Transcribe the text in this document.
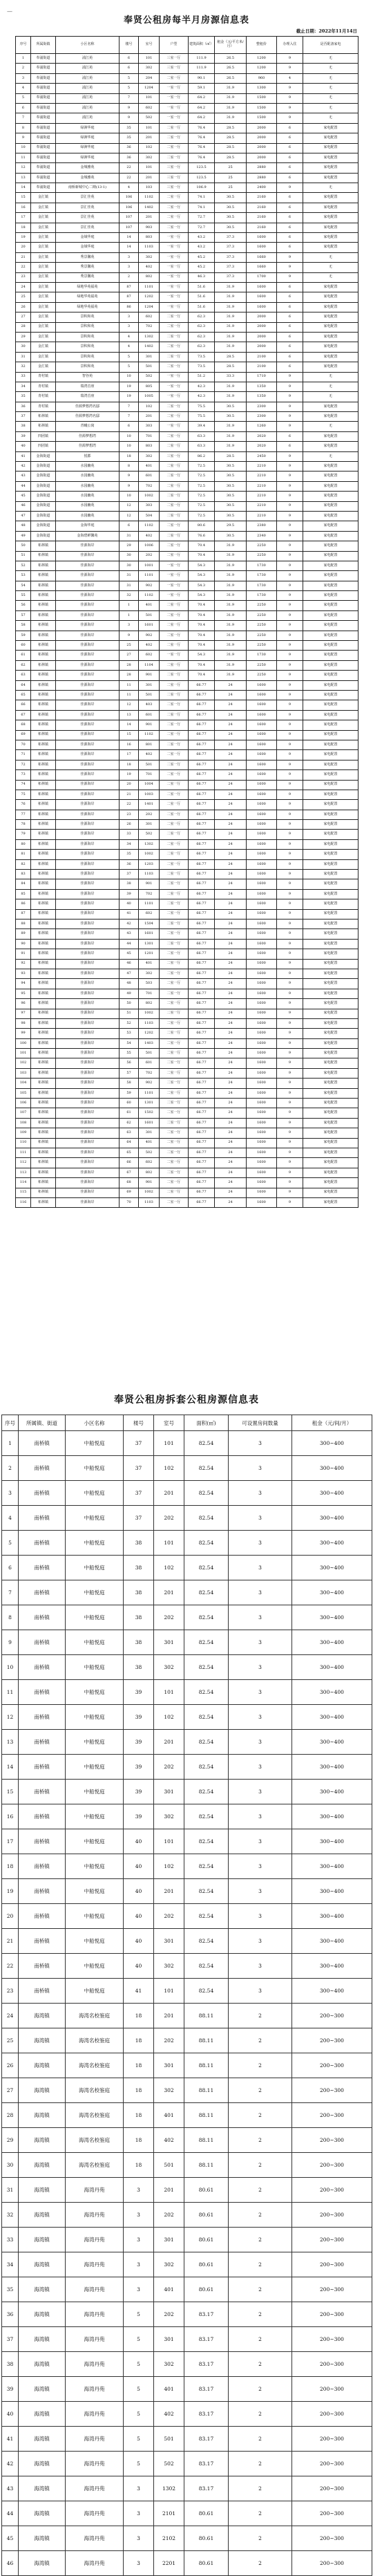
—
奉贤公租房每半月房源信息表
截止日期：2022年11月14日
序号	所属街镇	小区名称	楼号	室号	户型	建筑面积（㎡）	租金（元/平方米/月）	整租价	办理入住	是否配备家电
1	奉浦街道	浦江苑	6	101	三室一厅	111.9	26.5	1200	9	无
2	奉浦街道	浦江苑	6	302	三室一厅	111.9	26.5	1200	9	无
3	奉浦街道	浦江苑	5	204	二室一厅	90.1	26.5	960	4	无
4	奉浦街道	浦江苑	5	1204	一室一厅	59.1	31.9	1300	9	无
5	奉浦街道	浦江苑	7	101	一室一厅	64.2	31.9	1500	9	无
6	奉浦街道	浦江苑	9	602	一室一厅	64.2	31.9	1500	9	无
7	奉浦街道	浦江苑	9	502	一室一厅	64.2	31.9	1500	9	无
8	奉浦街道	绿洲华庭	35	101	二室一厅	76.4	28.5	2000	6	家电配置
9	奉浦街道	绿洲华庭	35	201	二室一厅	76.4	28.5	2000	6	家电配置
10	奉浦街道	绿洲华庭	36	102	二室一厅	76.4	28.5	2000	6	家电配置
11	奉浦街道	绿洲华庭	36	302	二室一厅	76.4	28.5	2000	6	家电配置
12	奉浦街道	金城雅苑	22	101	三室一厅	123.5	25	2880	6	家电配置
13	奉浦街道	金城雅苑	22	201	三室一厅	123.5	25	2880	6	家电配置
14	奉浦街道	南桥新城中心二期(13-1)	4	103	三室一厅	106.9	25	2400	9	无
15	金汇镇	景汇佳苑	106	1102	二室一厅	74.1	30.5	2160	6	家电配置
16	金汇镇	景汇佳苑	106	1402	二室一厅	74.1	30.5	2160	6	家电配置
17	金汇镇	景汇佳苑	107	201	二室一厅	72.7	30.5	2160	6	家电配置
18	金汇镇	景汇佳苑	107	903	二室一厅	72.7	30.5	2160	6	家电配置
19	金汇镇	金域华庭	14	803	一室一厅	43.2	37.3	1600	6	家电配置
20	金汇镇	金域华庭	14	1103	一室一厅	43.2	37.3	1600	6	家电配置
21	金汇镇	秀景馨苑	3	302	一室一厅	45.2	37.3	1660	9	无
22	金汇镇	秀景馨苑	3	402	一室一厅	45.2	37.3	1660	9	无
23	金汇镇	秀景馨苑	2	802	一室一厅	46.3	37.3	1700	9	无
24	金汇镇	绿地华苑福苑	87	1101	一室一厅	51.6	31.9	1600	6	家电配置
25	金汇镇	绿地华苑福苑	87	1202	一室一厅	51.6	31.9	1600	6	家电配置
26	金汇镇	绿地华苑福苑	86	1204	一室一厅	51.6	31.9	1600	6	家电配置
27	金汇镇	景积和苑	3	602	二室一厅	62.3	31.9	2000	6	家电配置
28	金汇镇	景积和苑	3	702	二室一厅	62.3	31.9	2000	6	家电配置
29	金汇镇	景积和苑	4	1302	二室一厅	62.3	31.9	2000	6	家电配置
30	金汇镇	景积和苑	4	1402	二室一厅	62.3	31.9	2000	6	家电配置
31	金汇镇	景积和苑	5	301	二室一厅	73.5	28.5	2100	6	家电配置
32	金汇镇	景积和苑	5	501	二室一厅	73.5	28.5	2100	6	家电配置
33	青村镇	智谷苑	10	502	一室一厅	51.2	33.3	1710	9	无
34	青村镇	瑞湾首座	19	805	一室一厅	42.3	31.9	1350	9	无
35	青村镇	瑞湾首座	19	1005	一室一厅	42.3	31.9	1350	9	无
36	青村镇	佳源梦想湾名邸	7	102	二室一厅	75.5	30.5	2300	9	家电配置
37	柘林镇	佳源梦想湾名邸	7	201	二室一厅	75.5	30.5	2300	9	家电配置
38	柘林镇	青曦公寓	6	303	一室一厅	39.4	31.9	1260	9	无
39	四团镇	佳源梦想湾	10	701	二室一厅	63.3	31.9	2020	6	家电配置
40	四团镇	佳源梦想湾	10	803	二室一厅	63.3	31.9	2020	6	家电配置
41	金海街道	悦郡	18	302	三室一厅	86.2	28.5	2450	9	无
42	金海街道	水园幽苑	8	401	二室一厅	72.5	30.5	2210	9	家电配置
43	金海街道	水园幽苑	9	601	二室一厅	72.5	30.5	2210	9	家电配置
44	金海街道	水园幽苑	9	702	二室一厅	72.5	30.5	2210	9	家电配置
45	金海街道	水园幽苑	10	1002	二室一厅	72.5	30.5	2210	9	家电配置
46	金海街道	水园幽苑	12	303	二室一厅	72.5	30.5	2210	9	家电配置
47	金海街道	水园幽苑	12	504	二室一厅	72.5	30.5	2210	9	家电配置
48	金海街道	金海华庭	6	1102	二室一厅	80.6	29.5	2380	9	家电配置
49	金海街道	金海碧鲜馨苑	31	402	二室一厅	76.6	30.5	2340	9	家电配置
50	柘林镇	佳源海岸	29	1006	二室一厅	70.4	31.9	2250	9	家电配置
51	柘林镇	佳源海岸	30	202	二室一厅	70.4	31.9	2250	9	家电配置
52	柘林镇	佳源海岸	30	1001	一室一厅	54.3	31.9	1730	9	家电配置
53	柘林镇	佳源海岸	31	1101	一室一厅	54.3	31.9	1730	9	家电配置
54	柘林镇	佳源海岸	31	902	一室一厅	54.3	31.9	1730	9	家电配置
55	柘林镇	佳源海岸	32	1102	一室一厅	54.3	31.9	1730	9	家电配置
56	柘林镇	佳源海岸	1	401	二室一厅	70.4	31.9	2250	9	家电配置
57	柘林镇	佳源海岸	1	501	二室一厅	70.4	31.9	2250	9	家电配置
58	柘林镇	佳源海岸	3	1601	二室一厅	70.4	31.9	2250	9	家电配置
59	柘林镇	佳源海岸	9	902	二室一厅	70.4	31.9	2250	9	家电配置
60	柘林镇	佳源海岸	25	402	二室一厅	70.4	31.9	2250	9	家电配置
61	柘林镇	佳源海岸	27	602	一室一厅	54.3	31.9	1730	9	家电配置
62	柘林镇	佳源海岸	28	1104	二室一厅	70.4	31.9	2250	9	家电配置
63	柘林镇	佳源海岸	28	901	二室一厅	70.4	31.9	2250	9	家电配置
64	柘林镇	佳源海岸	11	301	二室一厅	66.77	24	1600	9	家电配置
65	柘林镇	佳源海岸	11	501	二室一厅	66.77	24	1600	9	家电配置
66	柘林镇	佳源海岸	12	403	二室一厅	66.77	24	1600	9	家电配置
67	柘林镇	佳源海岸	13	601	二室一厅	66.77	24	1600	9	家电配置
68	柘林镇	佳源海岸	14	901	二室一厅	66.77	24	1600	9	家电配置
69	柘林镇	佳源海岸	15	1102	二室一厅	66.77	24	1600	9	家电配置
70	柘林镇	佳源海岸	16	801	二室一厅	66.77	24	1600	9	家电配置
71	柘林镇	佳源海岸	17	402	二室一厅	66.77	24	1600	9	家电配置
72	柘林镇	佳源海岸	18	501	二室一厅	66.77	24	1600	9	家电配置
73	柘林镇	佳源海岸	19	701	二室一厅	66.77	24	1600	9	家电配置
74	柘林镇	佳源海岸	20	1004	二室一厅	66.77	24	1600	9	家电配置
75	柘林镇	佳源海岸	21	1003	二室一厅	66.77	24	1600	9	家电配置
76	柘林镇	佳源海岸	22	1401	二室一厅	66.77	24	1600	9	家电配置
77	柘林镇	佳源海岸	23	202	二室一厅	66.77	24	1600	9	家电配置
78	柘林镇	佳源海岸	26	301	二室一厅	66.77	24	1600	9	家电配置
79	柘林镇	佳源海岸	33	502	二室一厅	66.77	24	1600	9	家电配置
80	柘林镇	佳源海岸	34	1302	二室一厅	66.77	24	1600	9	家电配置
81	柘林镇	佳源海岸	35	1002	二室一厅	66.77	24	1600	9	家电配置
82	柘林镇	佳源海岸	36	1203	二室一厅	66.77	24	1600	9	家电配置
83	柘林镇	佳源海岸	37	1103	二室一厅	66.77	24	1600	9	家电配置
84	柘林镇	佳源海岸	38	901	二室一厅	66.77	24	1600	9	家电配置
85	柘林镇	佳源海岸	39	702	二室一厅	66.77	24	1600	9	家电配置
86	柘林镇	佳源海岸	40	1101	二室一厅	66.77	24	1600	9	家电配置
87	柘林镇	佳源海岸	41	602	二室一厅	66.77	24	1600	9	家电配置
88	柘林镇	佳源海岸	42	1504	二室一厅	66.77	24	1600	9	家电配置
89	柘林镇	佳源海岸	43	1601	二室一厅	66.77	24	1600	9	家电配置
90	柘林镇	佳源海岸	44	1301	二室一厅	66.77	24	1600	9	家电配置
91	柘林镇	佳源海岸	45	1201	二室一厅	66.77	24	1600	9	家电配置
92	柘林镇	佳源海岸	46	401	二室一厅	66.77	24	1600	9	家电配置
93	柘林镇	佳源海岸	47	302	二室一厅	66.77	24	1600	9	家电配置
94	柘林镇	佳源海岸	48	503	二室一厅	66.77	24	1600	9	家电配置
95	柘林镇	佳源海岸	49	701	二室一厅	66.77	24	1600	9	家电配置
96	柘林镇	佳源海岸	50	802	二室一厅	66.77	24	1600	9	家电配置
97	柘林镇	佳源海岸	51	1002	二室一厅	66.77	24	1600	9	家电配置
98	柘林镇	佳源海岸	52	1103	二室一厅	66.77	24	1600	9	家电配置
99	柘林镇	佳源海岸	53	1202	二室一厅	66.77	24	1600	9	家电配置
100	柘林镇	佳源海岸	54	1403	二室一厅	66.77	24	1600	9	家电配置
101	柘林镇	佳源海岸	55	501	二室一厅	66.77	24	1600	9	家电配置
102	柘林镇	佳源海岸	56	601	二室一厅	66.77	24	1600	9	家电配置
103	柘林镇	佳源海岸	57	702	二室一厅	66.77	24	1600	9	家电配置
104	柘林镇	佳源海岸	58	902	二室一厅	66.77	24	1600	9	家电配置
105	柘林镇	佳源海岸	59	1101	二室一厅	66.77	24	1600	9	家电配置
106	柘林镇	佳源海岸	60	1301	二室一厅	66.77	24	1600	9	家电配置
107	柘林镇	佳源海岸	61	1502	二室一厅	66.77	24	1600	9	家电配置
108	柘林镇	佳源海岸	62	1601	二室一厅	66.77	24	1600	9	家电配置
109	柘林镇	佳源海岸	63	301	二室一厅	66.77	24	1600	9	家电配置
110	柘林镇	佳源海岸	64	401	二室一厅	66.77	24	1600	9	家电配置
111	柘林镇	佳源海岸	65	502	二室一厅	66.77	24	1600	9	家电配置
112	柘林镇	佳源海岸	66	602	二室一厅	66.77	24	1600	9	家电配置
113	柘林镇	佳源海岸	67	802	二室一厅	66.77	24	1600	9	家电配置
114	柘林镇	佳源海岸	68	901	二室一厅	66.77	24	1600	9	家电配置
115	柘林镇	佳源海岸	69	1002	二室一厅	66.77	24	1600	9	家电配置
116	柘林镇	佳源海岸	70	1103	二室一厅	66.77	24	1600	9	家电配置
奉贤公租房拆套公租房源信息表
序号	所属镇、街道	小区名称	楼号	室号	面积(㎡)	可设置房间数量	租金（元/间/月）
1	南桥镇	中船悦庭	37	101	82.54	3	300~400
2	南桥镇	中船悦庭	37	102	82.54	3	300~400
3	南桥镇	中船悦庭	37	201	82.54	3	300~400
4	南桥镇	中船悦庭	37	202	82.54	3	300~400
5	南桥镇	中船悦庭	38	101	82.54	3	300~400
6	南桥镇	中船悦庭	38	102	82.54	3	300~400
7	南桥镇	中船悦庭	38	201	82.54	3	300~400
8	南桥镇	中船悦庭	38	202	82.54	3	300~400
9	南桥镇	中船悦庭	38	301	82.54	3	300~400
10	南桥镇	中船悦庭	38	302	82.54	3	300~400
11	南桥镇	中船悦庭	39	101	82.54	3	300~400
12	南桥镇	中船悦庭	39	102	82.54	3	300~400
13	南桥镇	中船悦庭	39	201	82.54	3	300~400
14	南桥镇	中船悦庭	39	202	82.54	3	300~400
15	南桥镇	中船悦庭	39	301	82.54	3	300~400
16	南桥镇	中船悦庭	39	302	82.54	3	300~400
17	南桥镇	中船悦庭	40	101	82.54	3	300~400
18	南桥镇	中船悦庭	40	102	82.54	3	300~400
19	南桥镇	中船悦庭	40	201	82.54	3	300~400
20	南桥镇	中船悦庭	40	202	82.54	3	300~400
21	南桥镇	中船悦庭	40	301	82.54	3	300~400
22	南桥镇	中船悦庭	40	302	82.54	3	300~400
23	南桥镇	中船悦庭	41	101	82.54	3	300~400
24	海湾镇	海湾名校鉴庭	18	201	88.11	2	200~300
25	海湾镇	海湾名校鉴庭	18	202	88.11	2	200~300
26	海湾镇	海湾名校鉴庭	18	301	88.11	2	200~300
27	海湾镇	海湾名校鉴庭	18	302	88.11	2	200~300
28	海湾镇	海湾名校鉴庭	18	401	88.11	2	200~300
29	海湾镇	海湾名校鉴庭	18	402	88.11	2	200~300
30	海湾镇	海湾名校鉴庭	18	501	88.11	2	200~300
31	海湾镇	海湾丹苑	3	201	80.61	2	200~300
32	海湾镇	海湾丹苑	3	202	80.61	2	200~300
33	海湾镇	海湾丹苑	3	301	80.61	2	200~300
34	海湾镇	海湾丹苑	3	302	80.61	2	200~300
35	海湾镇	海湾丹苑	3	401	80.61	2	200~300
36	海湾镇	海湾丹苑	5	202	83.17	2	200~300
37	海湾镇	海湾丹苑	5	301	83.17	2	200~300
38	海湾镇	海湾丹苑	5	302	83.17	2	200~300
39	海湾镇	海湾丹苑	5	401	83.17	2	200~300
40	海湾镇	海湾丹苑	5	402	83.17	2	200~300
41	海湾镇	海湾丹苑	5	501	83.17	2	200~300
42	海湾镇	海湾丹苑	5	502	83.17	2	200~300
43	海湾镇	海湾丹苑	3	1302	83.17	2	200~300
44	海湾镇	海湾丹苑	3	2101	80.61	2	200~300
45	海湾镇	海湾丹苑	3	2102	80.61	2	200~300
46	海湾镇	海湾丹苑	3	2201	80.61	2	200~300
